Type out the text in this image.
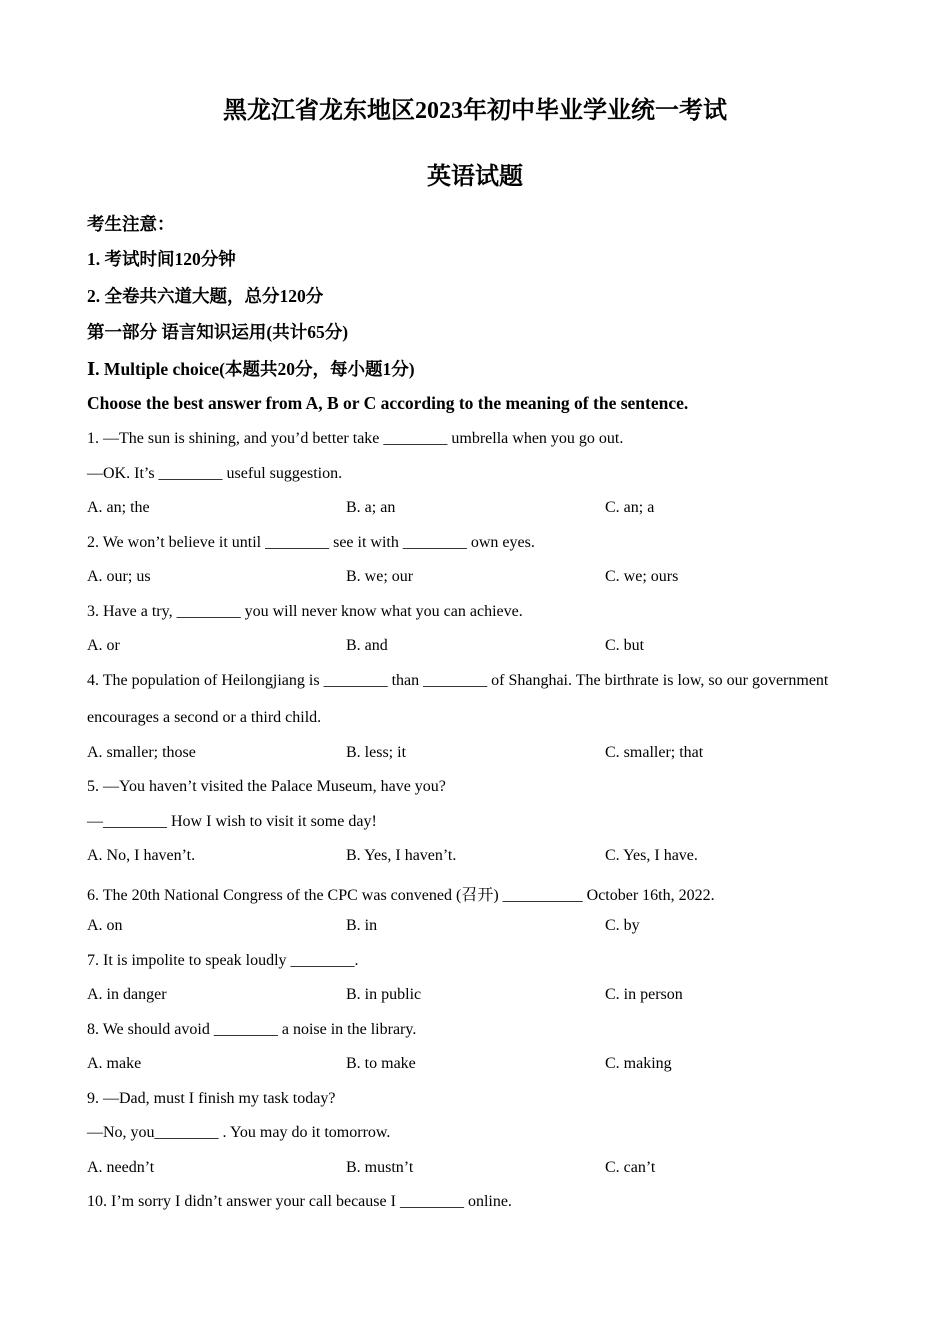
黑龙江省龙东地区2023年初中毕业学业统一考试
英语试题
考生注意：
1. 考试时间120分钟
2. 全卷共六道大题，总分120分
第一部分 语言知识运用(共计65分)
Ⅰ. Multiple choice(本题共20分，每小题1分)
Choose the best answer from A, B or C according to the meaning of the sentence.
1. —The sun is shining, and you’d better take ________ umbrella when you go out.
—OK. It’s ________ useful suggestion.
A. an; the	B. a; an	C. an; a
2. We won’t believe it until ________ see it with ________ own eyes.
A. our; us	B. we; our	C. we; ours
3. Have a try, ________ you will never know what you can achieve.
A. or	B. and	C. but
4. The population of Heilongjiang is ________ than ________ of Shanghai. The birthrate is low, so our government
encourages a second or a third child.
A. smaller; those	B. less; it	C. smaller; that
5. —You haven’t visited the Palace Museum, have you?
—________ How I wish to visit it some day!
A. No, I haven’t.	B. Yes, I haven’t.	C. Yes, I have.
6. The 20th National Congress of the CPC was convened (召开) __________ October 16th, 2022.
A. on	B. in	C. by
7. It is impolite to speak loudly ________.
A. in danger	B. in public	C. in person
8. We should avoid ________ a noise in the library.
A. make	B. to make	C. making
9. —Dad, must I finish my task today?
—No, you________ . You may do it tomorrow.
A. needn’t	B. mustn’t	C. can’t
10. I’m sorry I didn’t answer your call because I ________ online.
